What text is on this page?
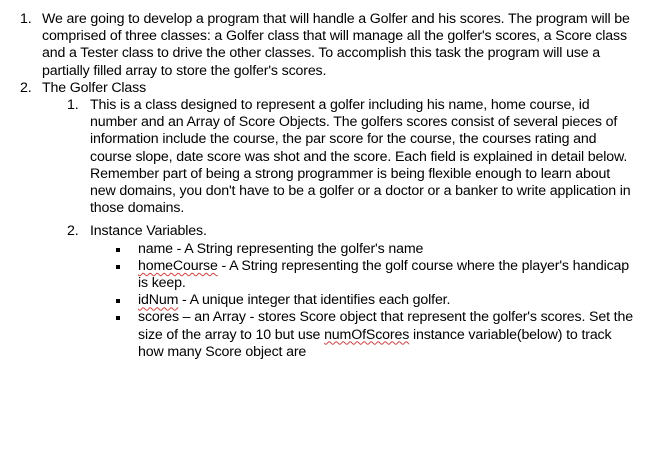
1. We are going to develop a program that will handle a Golfer and his scores. The program will be comprised of three classes: a Golfer class that will manage all the golfer's scores, a Score class and a Tester class to drive the other classes. To accomplish this task the program will use a partially filled array to store the golfer's scores.
2. The Golfer Class
1. This is a class designed to represent a golfer including his name, home course, id number and an Array of Score Objects. The golfers scores consist of several pieces of information include the course, the par score for the course, the courses rating and course slope, date score was shot and the score. Each field is explained in detail below. Remember part of being a strong programmer is being flexible enough to learn about new domains, you don't have to be a golfer or a doctor or a banker to write application in those domains.
2. Instance Variables.
name - A String representing the golfer's name
homeCourse - A String representing the golf course where the player's handicap is keep.
idNum - A unique integer that identifies each golfer.
scores – an Array - stores Score object that represent the golfer's scores. Set the size of the array to 10 but use numOfScores instance variable(below) to track how many Score object are
